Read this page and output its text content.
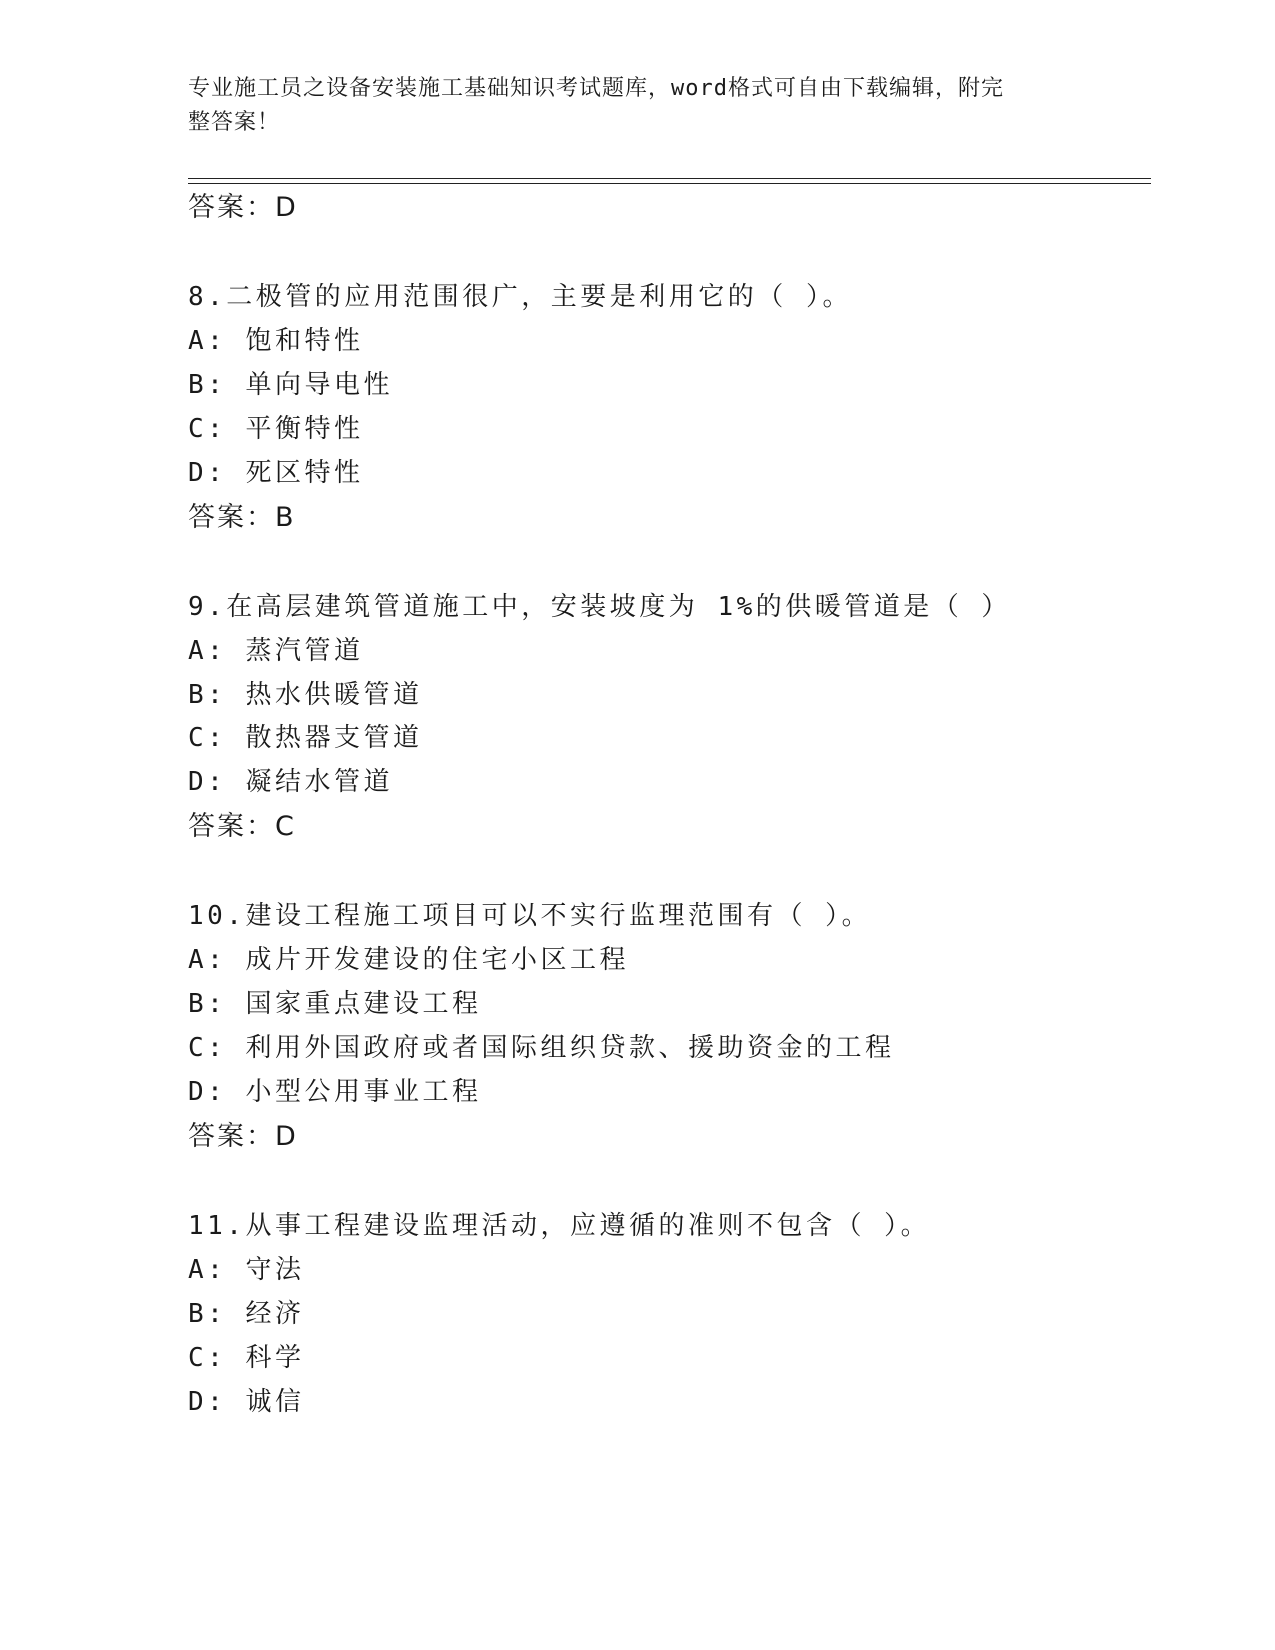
专业施工员之设备安装施工基础知识考试题库，word格式可自由下载编辑，附完
整答案！
答案：D
8.二极管的应用范围很广，主要是利用它的（ ）。
A: 饱和特性
B: 单向导电性
C: 平衡特性
D: 死区特性
答案：B
9.在高层建筑管道施工中，安装坡度为 1%的供暖管道是（ ）
A: 蒸汽管道
B: 热水供暖管道
C: 散热器支管道
D: 凝结水管道
答案：C
10.建设工程施工项目可以不实行监理范围有（ ）。
A: 成片开发建设的住宅小区工程
B: 国家重点建设工程
C: 利用外国政府或者国际组织贷款、援助资金的工程
D: 小型公用事业工程
答案：D
11.从事工程建设监理活动，应遵循的准则不包含（ ）。
A: 守法
B: 经济
C: 科学
D: 诚信
